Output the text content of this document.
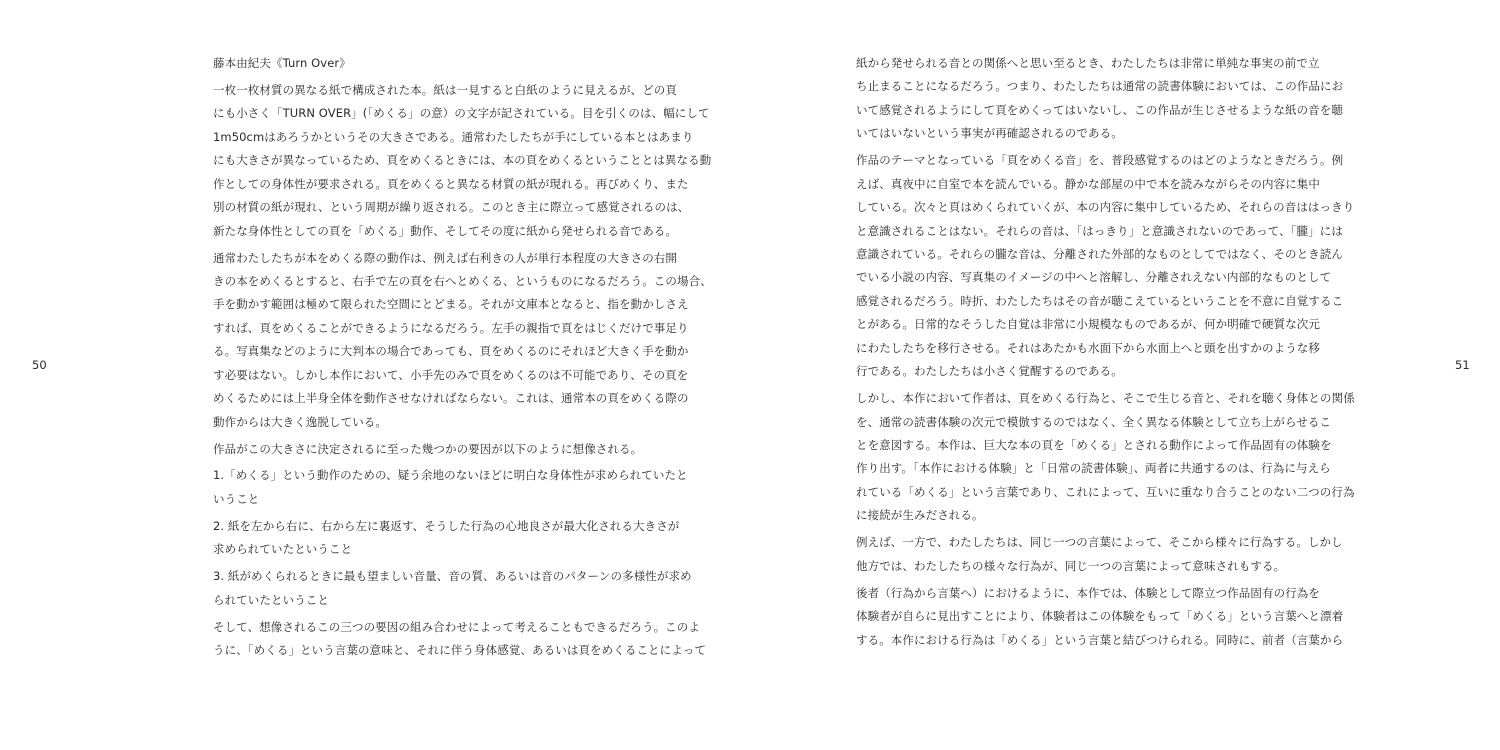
藤本由紀夫《Turn Over》
一枚一枚材質の異なる紙で構成された本。紙は一見すると白紙のように見えるが、どの頁
にも小さく「TURN OVER」(「めくる」の意）の文字が記されている。目を引くのは、幅にして
1m50cmはあろうかというその大きさである。通常わたしたちが手にしている本とはあまり
にも大きさが異なっているため、頁をめくるときには、本の頁をめくるということとは異なる動
作としての身体性が要求される。頁をめくると異なる材質の紙が現れる。再びめくり、また
別の材質の紙が現れ、という周期が繰り返される。このとき主に際立って感覚されるのは、
新たな身体性としての頁を「めくる」動作、そしてその度に紙から発せられる音である。
通常わたしたちが本をめくる際の動作は、例えば右利きの人が単行本程度の大きさの右開
きの本をめくるとすると、右手で左の頁を右へとめくる、というものになるだろう。この場合、
手を動かす範囲は極めて限られた空間にとどまる。それが文庫本となると、指を動かしさえ
すれば、頁をめくることができるようになるだろう。左手の親指で頁をはじくだけで事足り
る。写真集などのように大判本の場合であっても、頁をめくるのにそれほど大きく手を動か
す必要はない。しかし本作において、小手先のみで頁をめくるのは不可能であり、その頁を
めくるためには上半身全体を動作させなければならない。これは、通常本の頁をめくる際の
動作からは大きく逸脱している。
作品がこの大きさに決定されるに至った幾つかの要因が以下のように想像される。
1.「めくる」という動作のための、疑う余地のないほどに明白な身体性が求められていたと
いうこと
2. 紙を左から右に、右から左に裏返す、そうした行為の心地良さが最大化される大きさが
求められていたということ
3. 紙がめくられるときに最も望ましい音量、音の質、あるいは音のパターンの多様性が求め
られていたということ
そして、想像されるこの三つの要因の組み合わせによって考えることもできるだろう。このよ
うに、「めくる」という言葉の意味と、それに伴う身体感覚、あるいは頁をめくることによって
50
紙から発せられる音との関係へと思い至るとき、わたしたちは非常に単純な事実の前で立
ち止まることになるだろう。つまり、わたしたちは通常の読書体験においては、この作品にお
いて感覚されるようにして頁をめくってはいないし、この作品が生じさせるような紙の音を聴
いてはいないという事実が再確認されるのである。
作品のテーマとなっている「頁をめくる音」を、普段感覚するのはどのようなときだろう。例
えば、真夜中に自室で本を読んでいる。静かな部屋の中で本を読みながらその内容に集中
している。次々と頁はめくられていくが、本の内容に集中しているため、それらの音ははっきり
と意識されることはない。それらの音は、「はっきり」と意識されないのであって、「朧」には
意識されている。それらの朧な音は、分離された外部的なものとしてではなく、そのとき読ん
でいる小説の内容、写真集のイメージの中へと溶解し、分離されえない内部的なものとして
感覚されるだろう。時折、わたしたちはその音が聴こえているということを不意に自覚するこ
とがある。日常的なそうした自覚は非常に小規模なものであるが、何か明確で硬質な次元
にわたしたちを移行させる。それはあたかも水面下から水面上へと頭を出すかのような移
行である。わたしたちは小さく覚醒するのである。
しかし、本作において作者は、頁をめくる行為と、そこで生じる音と、それを聴く身体との関係
を、通常の読書体験の次元で模倣するのではなく、全く異なる体験として立ち上がらせるこ
とを意図する。本作は、巨大な本の頁を「めくる」とされる動作によって作品固有の体験を
作り出す。「本作における体験」と「日常の読書体験」、両者に共通するのは、行為に与えら
れている「めくる」という言葉であり、これによって、互いに重なり合うことのない二つの行為
に接続が生みだされる。
例えば、一方で、わたしたちは、同じ一つの言葉によって、そこから様々に行為する。しかし
他方では、わたしたちの様々な行為が、同じ一つの言葉によって意味されもする。
後者（行為から言葉へ）におけるように、本作では、体験として際立つ作品固有の行為を
体験者が自らに見出すことにより、体験者はこの体験をもって「めくる」という言葉へと漂着
する。本作における行為は「めくる」という言葉と結びつけられる。同時に、前者（言葉から
51
